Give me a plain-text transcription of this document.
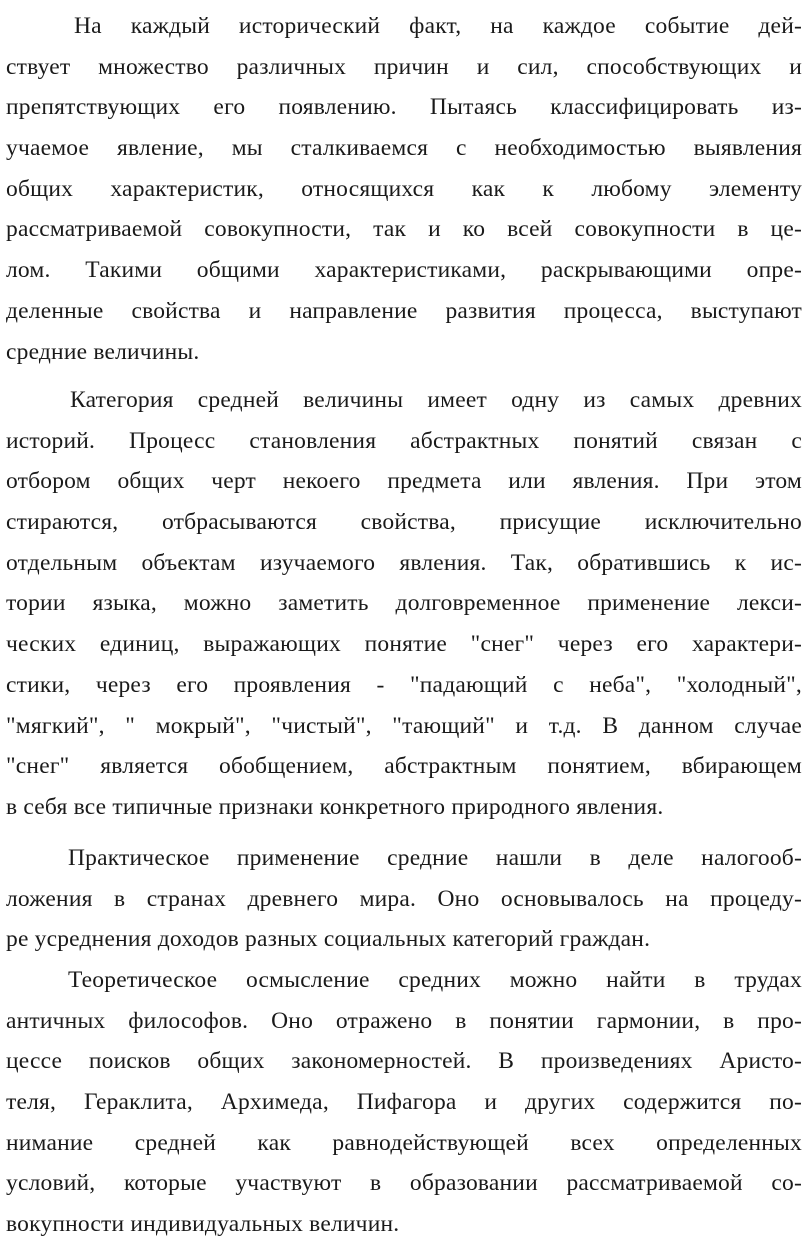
На каждый исторический факт, на каждое событие дей-
ствует множество различных причин и сил, способствующих и
препятствующих его появлению. Пытаясь классифицировать из-
учаемое явление, мы сталкиваемся с необходимостью выявления
общих характеристик, относящихся как к любому элементу
рассматриваемой совокупности, так и ко всей совокупности в це-
лом. Такими общими характеристиками, раскрывающими опре-
деленные свойства и направление развития процесса, выступают
средние величины.
Категория средней величины имеет одну из самых древних
историй. Процесс становления абстрактных понятий связан с
отбором общих черт некоего предмета или явления. При этом
стираются, отбрасываются свойства, присущие исключительно
отдельным объектам изучаемого явления. Так, обратившись к ис-
тории языка, можно заметить долговременное применение лекси-
ческих единиц, выражающих понятие "снег" через его характери-
стики, через его проявления - "падающий с неба", "холодный",
"мягкий", " мокрый", "чистый", "тающий" и т.д. В данном случае
"снег" является обобщением, абстрактным понятием, вбирающем
в себя все типичные признаки конкретного природного явления.
Практическое применение средние нашли в деле налогооб-
ложения в странах древнего мира. Оно основывалось на процеду-
ре усреднения доходов разных социальных категорий граждан.
Теоретическое осмысление средних можно найти в трудах
античных философов. Оно отражено в понятии гармонии, в про-
цессе поисков общих закономерностей. В произведениях Аристо-
теля, Гераклита, Архимеда, Пифагора и других содержится по-
нимание средней как равнодействующей всех определенных
условий, которые участвуют в образовании рассматриваемой со-
вокупности индивидуальных величин.
